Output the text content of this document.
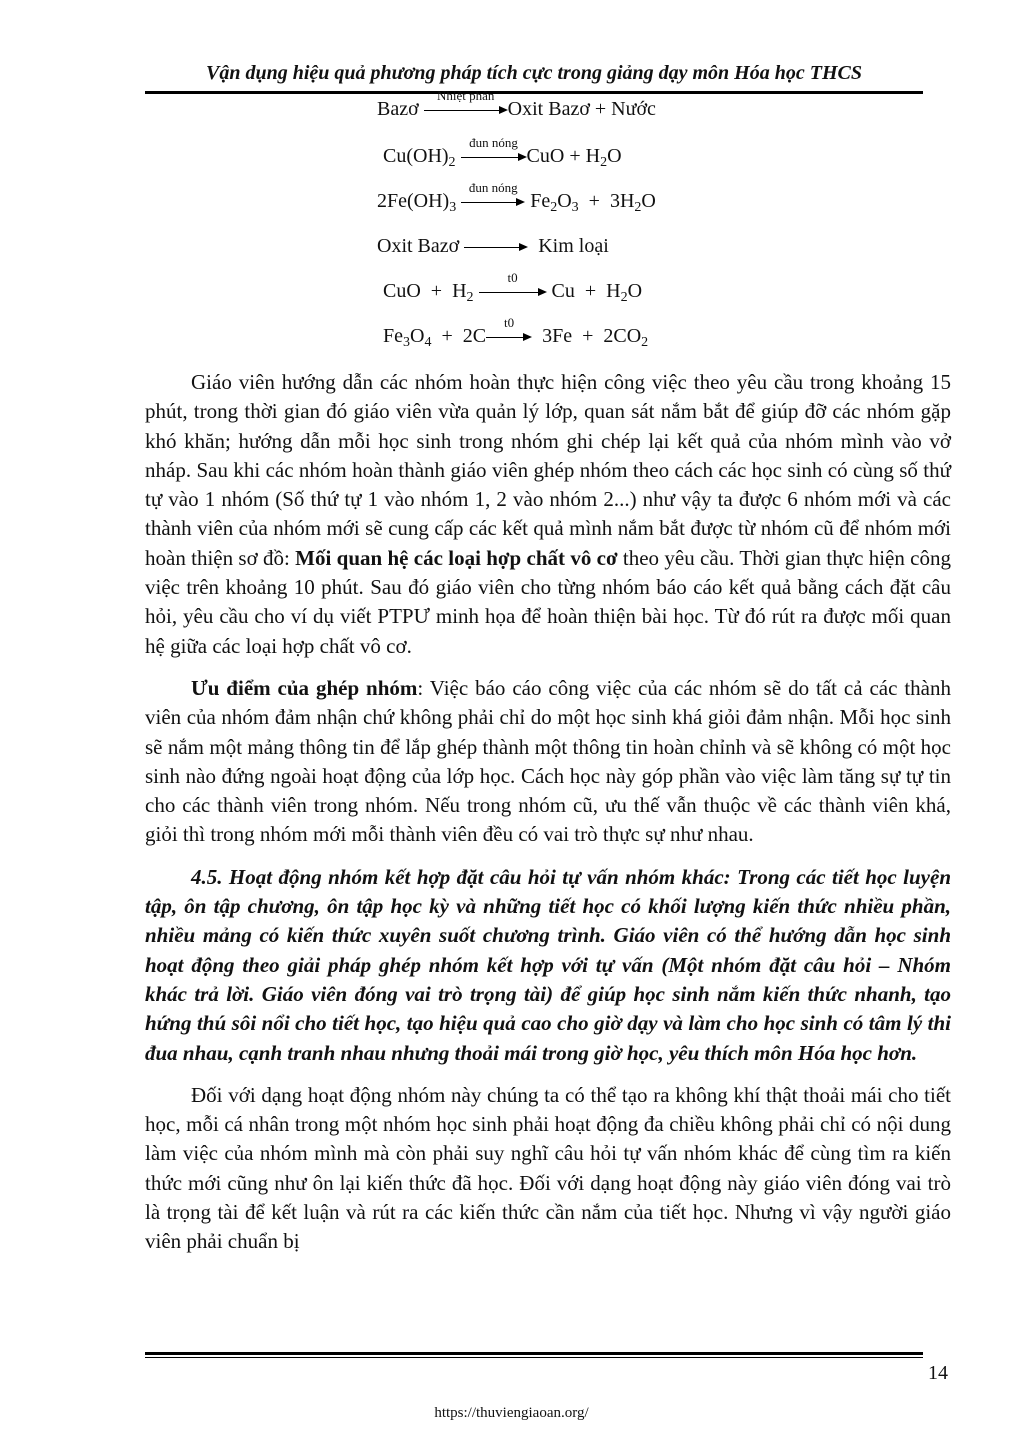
Vận dụng hiệu quả phương pháp tích cực trong giảng dạy môn Hóa học THCS
Bazơ
Nhiệt phân
Oxit Bazơ + Nước
$Cu(OH)_2$
đun nóng
CuO + $H_2O$
$2Fe(OH)_3$
đun nóng
$Fe_2O_3 + 3H_2O$
Oxit Bazơ	Kim loại
CuO  +  $H_2$
t0
$Cu + H_2O$
$Fe_3O_4 + 2C$
t0
$3Fe + 2CO_2$

Giáo viên hướng dẫn các nhóm hoàn thực hiện công việc theo yêu cầu trong khoảng 15 phút, trong thời gian đó giáo viên vừa quản lý lớp, quan sát nắm bắt để giúp đỡ các nhóm gặp khó khăn; hướng dẫn mỗi học sinh trong nhóm ghi chép lại kết quả của nhóm mình vào vở nháp. Sau khi các nhóm hoàn thành giáo viên ghép nhóm theo cách các học sinh có cùng số thứ tự vào 1 nhóm (Số thứ tự 1 vào nhóm 1, 2 vào nhóm 2...) như vậy ta được 6 nhóm mới và các thành viên của nhóm mới sẽ cung cấp các kết quả mình nắm bắt được từ nhóm cũ để nhóm mới hoàn thiện sơ đồ: Mối quan hệ các loại hợp chất vô cơ theo yêu cầu. Thời gian thực hiện công việc trên khoảng 10 phút. Sau đó giáo viên cho từng nhóm báo cáo kết quả bằng cách đặt câu hỏi, yêu cầu cho ví dụ viết PTPƯ minh họa để hoàn thiện bài học. Từ đó rút ra được mối quan hệ giữa các loại hợp chất vô cơ.

Ưu điểm của ghép nhóm: Việc báo cáo công việc của các nhóm sẽ do tất cả các thành viên của nhóm đảm nhận chứ không phải chỉ do một học sinh khá giỏi đảm nhận. Mỗi học sinh sẽ nắm một mảng thông tin để lắp ghép thành một thông tin hoàn chỉnh và sẽ không có một học sinh nào đứng ngoài hoạt động của lớp học. Cách học này góp phần vào việc làm tăng sự tự tin cho các thành viên trong nhóm. Nếu trong nhóm cũ, ưu thế vẫn thuộc về các thành viên khá, giỏi thì trong nhóm mới mỗi thành viên đều có vai trò thực sự như nhau.

4.5. Hoạt động nhóm kết hợp đặt câu hỏi tự vấn nhóm khác: Trong các tiết học luyện tập, ôn tập chương, ôn tập học kỳ và những tiết học có khối lượng kiến thức nhiều phần, nhiều mảng có kiến thức xuyên suốt chương trình. Giáo viên có thể hướng dẫn học sinh hoạt động theo giải pháp ghép nhóm kết hợp với tự vấn (Một nhóm đặt câu hỏi – Nhóm khác trả lời. Giáo viên đóng vai trò trọng tài) để giúp học sinh nắm kiến thức nhanh, tạo hứng thú sôi nổi cho tiết học, tạo hiệu quả cao cho giờ dạy và làm cho học sinh có tâm lý thi đua nhau, cạnh tranh nhau nhưng thoải mái trong giờ học, yêu thích môn Hóa học hơn.

Đối với dạng hoạt động nhóm này chúng ta có thể tạo ra không khí thật thoải mái cho tiết học, mỗi cá nhân trong một nhóm học sinh phải hoạt động đa chiều không phải chỉ có nội dung làm việc của nhóm mình mà còn phải suy nghĩ câu hỏi tự vấn nhóm khác để cùng tìm ra kiến thức mới cũng như ôn lại kiến thức đã học. Đối với dạng hoạt động này giáo viên đóng vai trò là trọng tài để kết luận và rút ra các kiến thức cần nắm của tiết học. Nhưng vì vậy người giáo viên phải chuẩn bị

14
https://thuviengiaoan.org/
